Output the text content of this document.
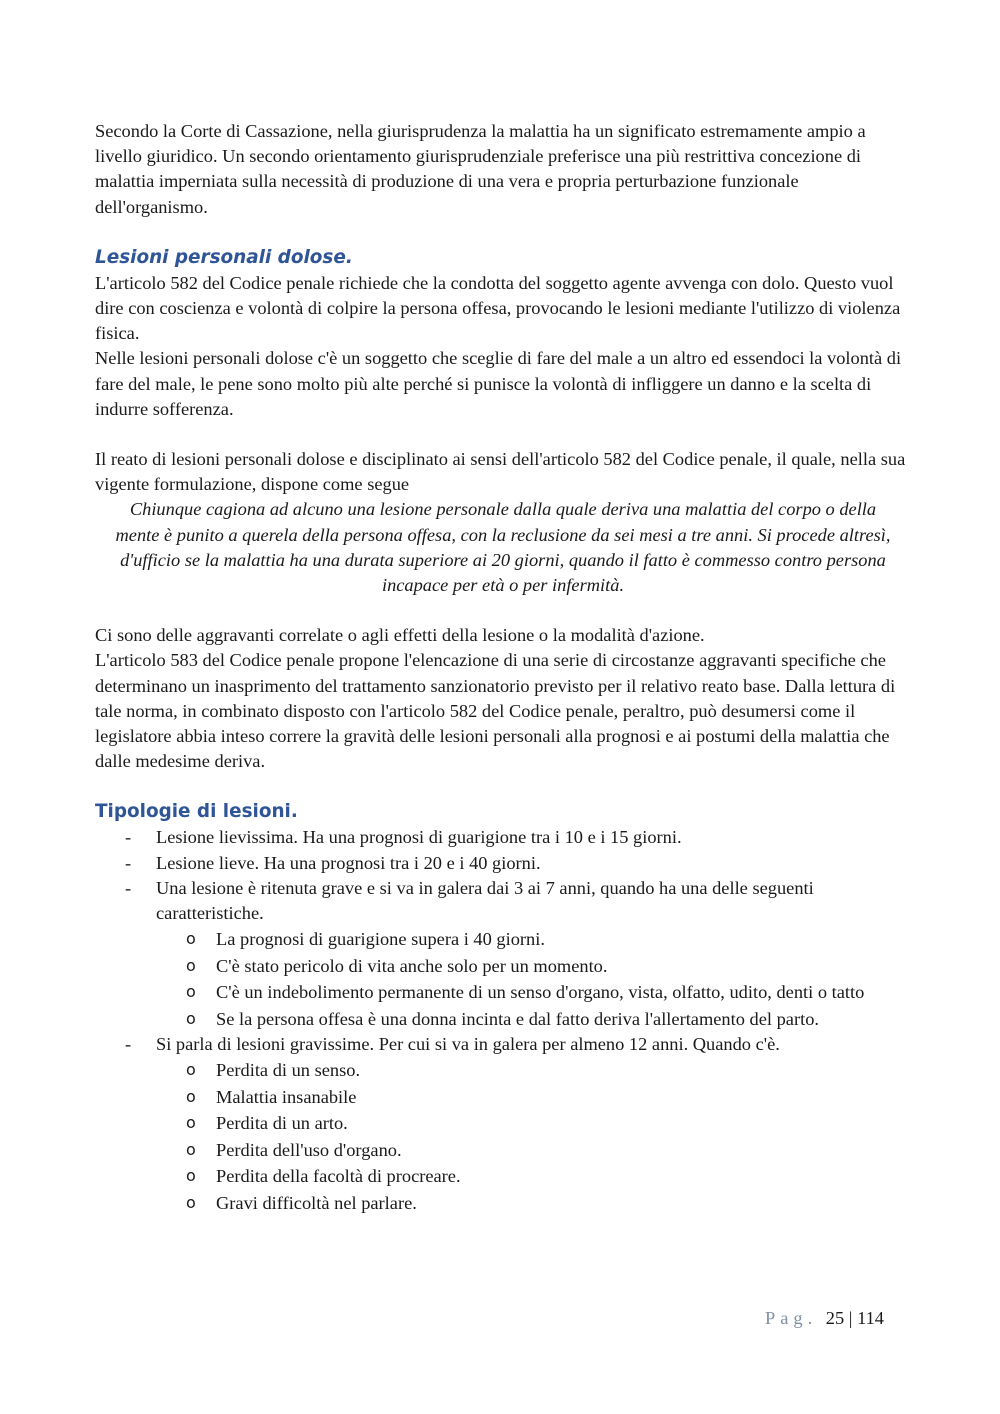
Secondo la Corte di Cassazione, nella giurisprudenza la malattia ha un significato estremamente ampio a livello giuridico. Un secondo orientamento giurisprudenziale preferisce una più restrittiva concezione di malattia imperniata sulla necessità di produzione di una vera e propria perturbazione funzionale dell'organismo.

Lesioni personali dolose.

L'articolo 582 del Codice penale richiede che la condotta del soggetto agente avvenga con dolo. Questo vuol dire con coscienza e volontà di colpire la persona offesa, provocando le lesioni mediante l'utilizzo di violenza fisica.

Nelle lesioni personali dolose c'è un soggetto che sceglie di fare del male a un altro ed essendoci la volontà di fare del male, le pene sono molto più alte perché si punisce la volontà di infliggere un danno e la scelta di indurre sofferenza.

Il reato di lesioni personali dolose e disciplinato ai sensi dell'articolo 582 del Codice penale, il quale, nella sua vigente formulazione, dispone come segue

Chiunque cagiona ad alcuno una lesione personale dalla quale deriva una malattia del corpo o della mente è punito a querela della persona offesa, con la reclusione da sei mesi a tre anni. Si procede altresì, d'ufficio se la malattia ha una durata superiore ai 20 giorni, quando il fatto è commesso contro persona incapace per età o per infermità.

Ci sono delle aggravanti correlate o agli effetti della lesione o la modalità d'azione.

L'articolo 583 del Codice penale propone l'elencazione di una serie di circostanze aggravanti specifiche che determinano un inasprimento del trattamento sanzionatorio previsto per il relativo reato base. Dalla lettura di tale norma, in combinato disposto con l'articolo 582 del Codice penale, peraltro, può desumersi come il legislatore abbia inteso correre la gravità delle lesioni personali alla prognosi e ai postumi della malattia che dalle medesime deriva.

Tipologie di lesioni.
- Lesione lievissima. Ha una prognosi di guarigione tra i 10 e i 15 giorni.
- Lesione lieve. Ha una prognosi tra i 20 e i 40 giorni.
- Una lesione è ritenuta grave e si va in galera dai 3 ai 7 anni, quando ha una delle seguenti caratteristiche.
o La prognosi di guarigione supera i 40 giorni.
o C'è stato pericolo di vita anche solo per un momento.
o C'è un indebolimento permanente di un senso d'organo, vista, olfatto, udito, denti o tatto
o Se la persona offesa è una donna incinta e dal fatto deriva l'allertamento del parto.
- Si parla di lesioni gravissime. Per cui si va in galera per almeno 12 anni. Quando c'è.
o Perdita di un senso.
o Malattia insanabile
o Perdita di un arto.
o Perdita dell'uso d'organo.
o Perdita della facoltà di procreare.
o Gravi difficoltà nel parlare.
Pag. 25 | 114
